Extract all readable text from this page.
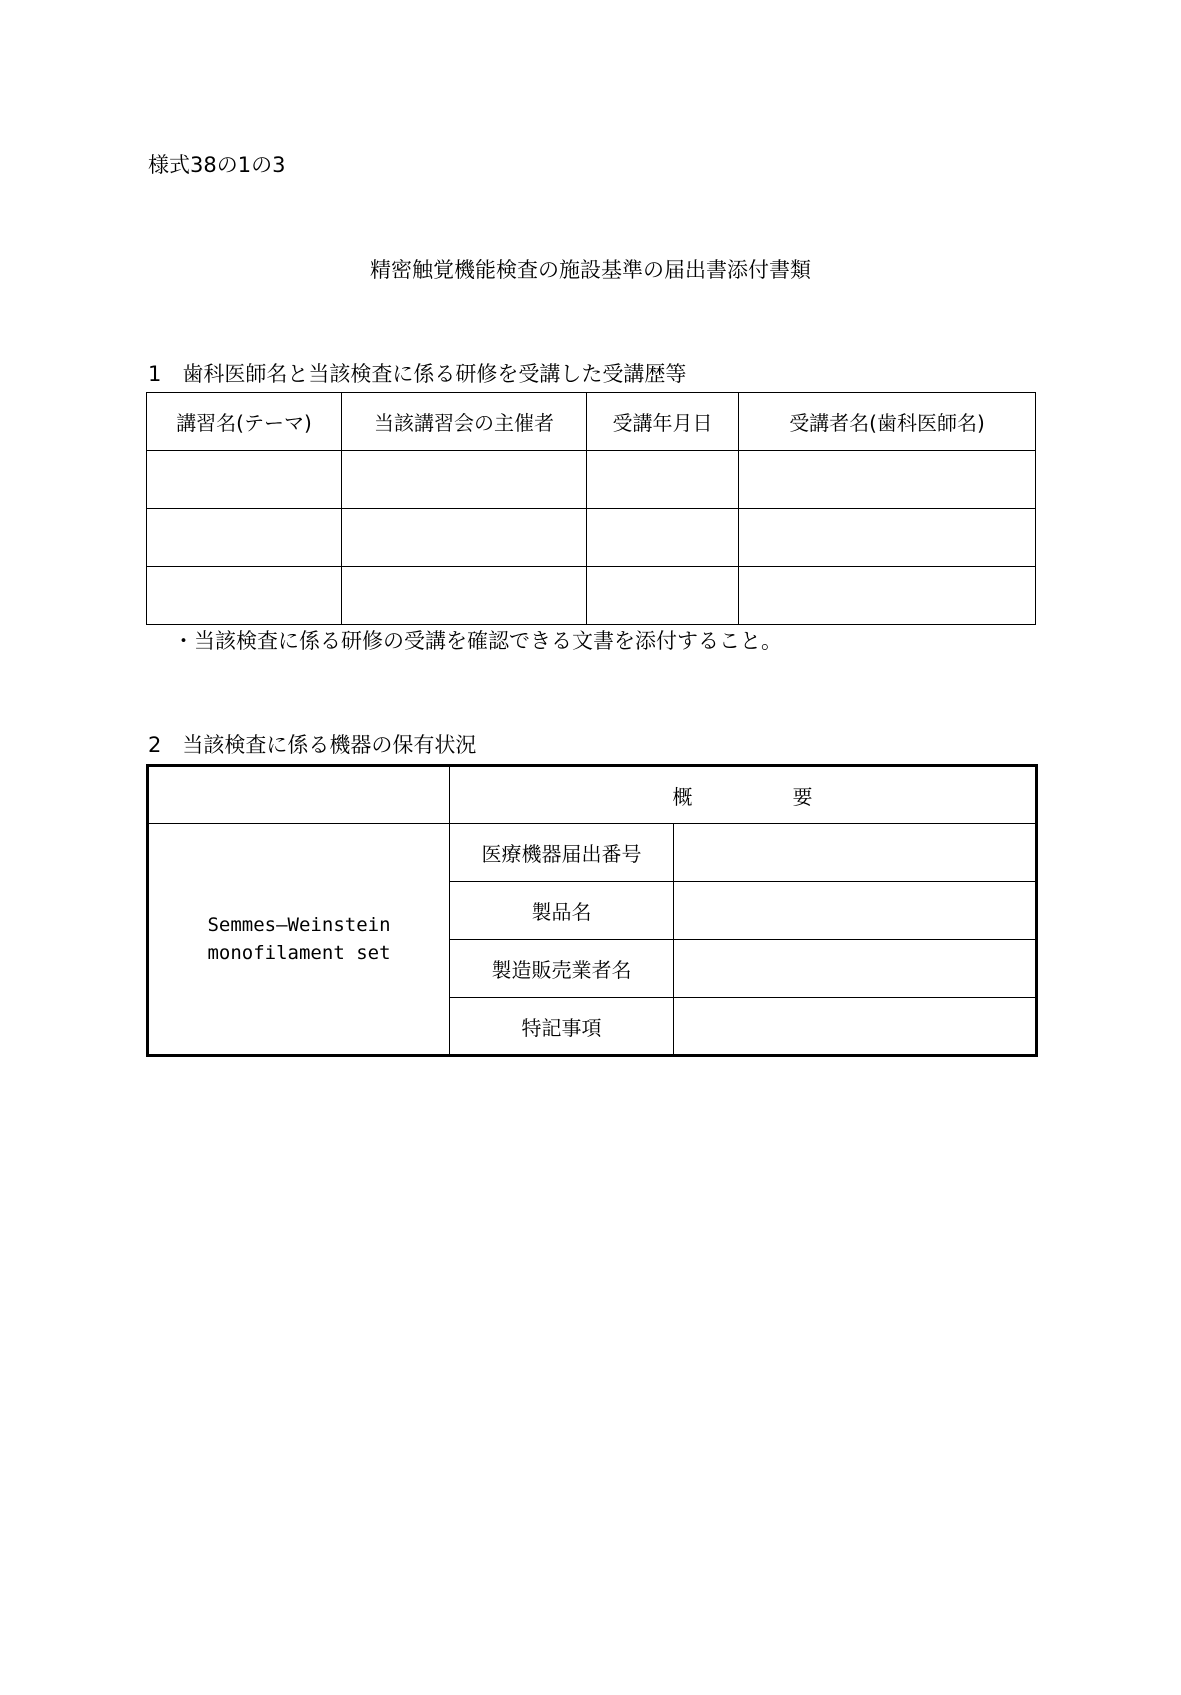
様式38の1の3
精密触覚機能検査の施設基準の届出書添付書類
1　歯科医師名と当該検査に係る研修を受講した受講歴等
講習名(テーマ)	当該講習会の主催者	受講年月日	受講者名(歯科医師名)

・当該検査に係る研修の受講を確認できる文書を添付すること。
2　当該検査に係る機器の保有状況
	概　　　　　要	

Semmes—Weinstein
monofilament set	医療機器届出番号	
	製品名	
	製造販売業者名	
	特記事項	
